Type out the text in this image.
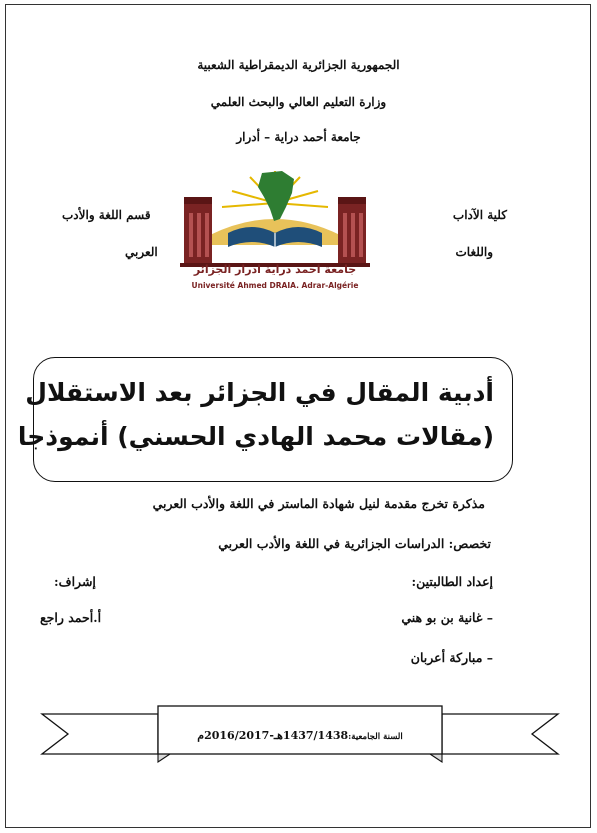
الجمهورية الجزائرية الديمقراطية الشعبية
وزارة التعليم العالي والبحث العلمي
جامعة أحمد دراية – أدرار
كلية الآداب
واللغات
قسم اللغة والأدب
العربي
جامعة احمد دراية ادرار الجزائر
Université Ahmed DRAIA. Adrar-Algérie
أدبية المقال في الجزائر بعد الاستقلال
(مقالات محمد الهادي الحسني) أنموذجا
مذكرة تخرج مقدمة لنيل شهادة الماستر في اللغة والأدب العربي
تخصص: الدراسات الجزائرية في اللغة والأدب العربي
إعداد الطالبتين:
– غانية بن بو هني
– مباركة أعربان
إشراف:
أ.أحمد راجع
السنة الجامعية:1437/1438هـ-2016/2017م
